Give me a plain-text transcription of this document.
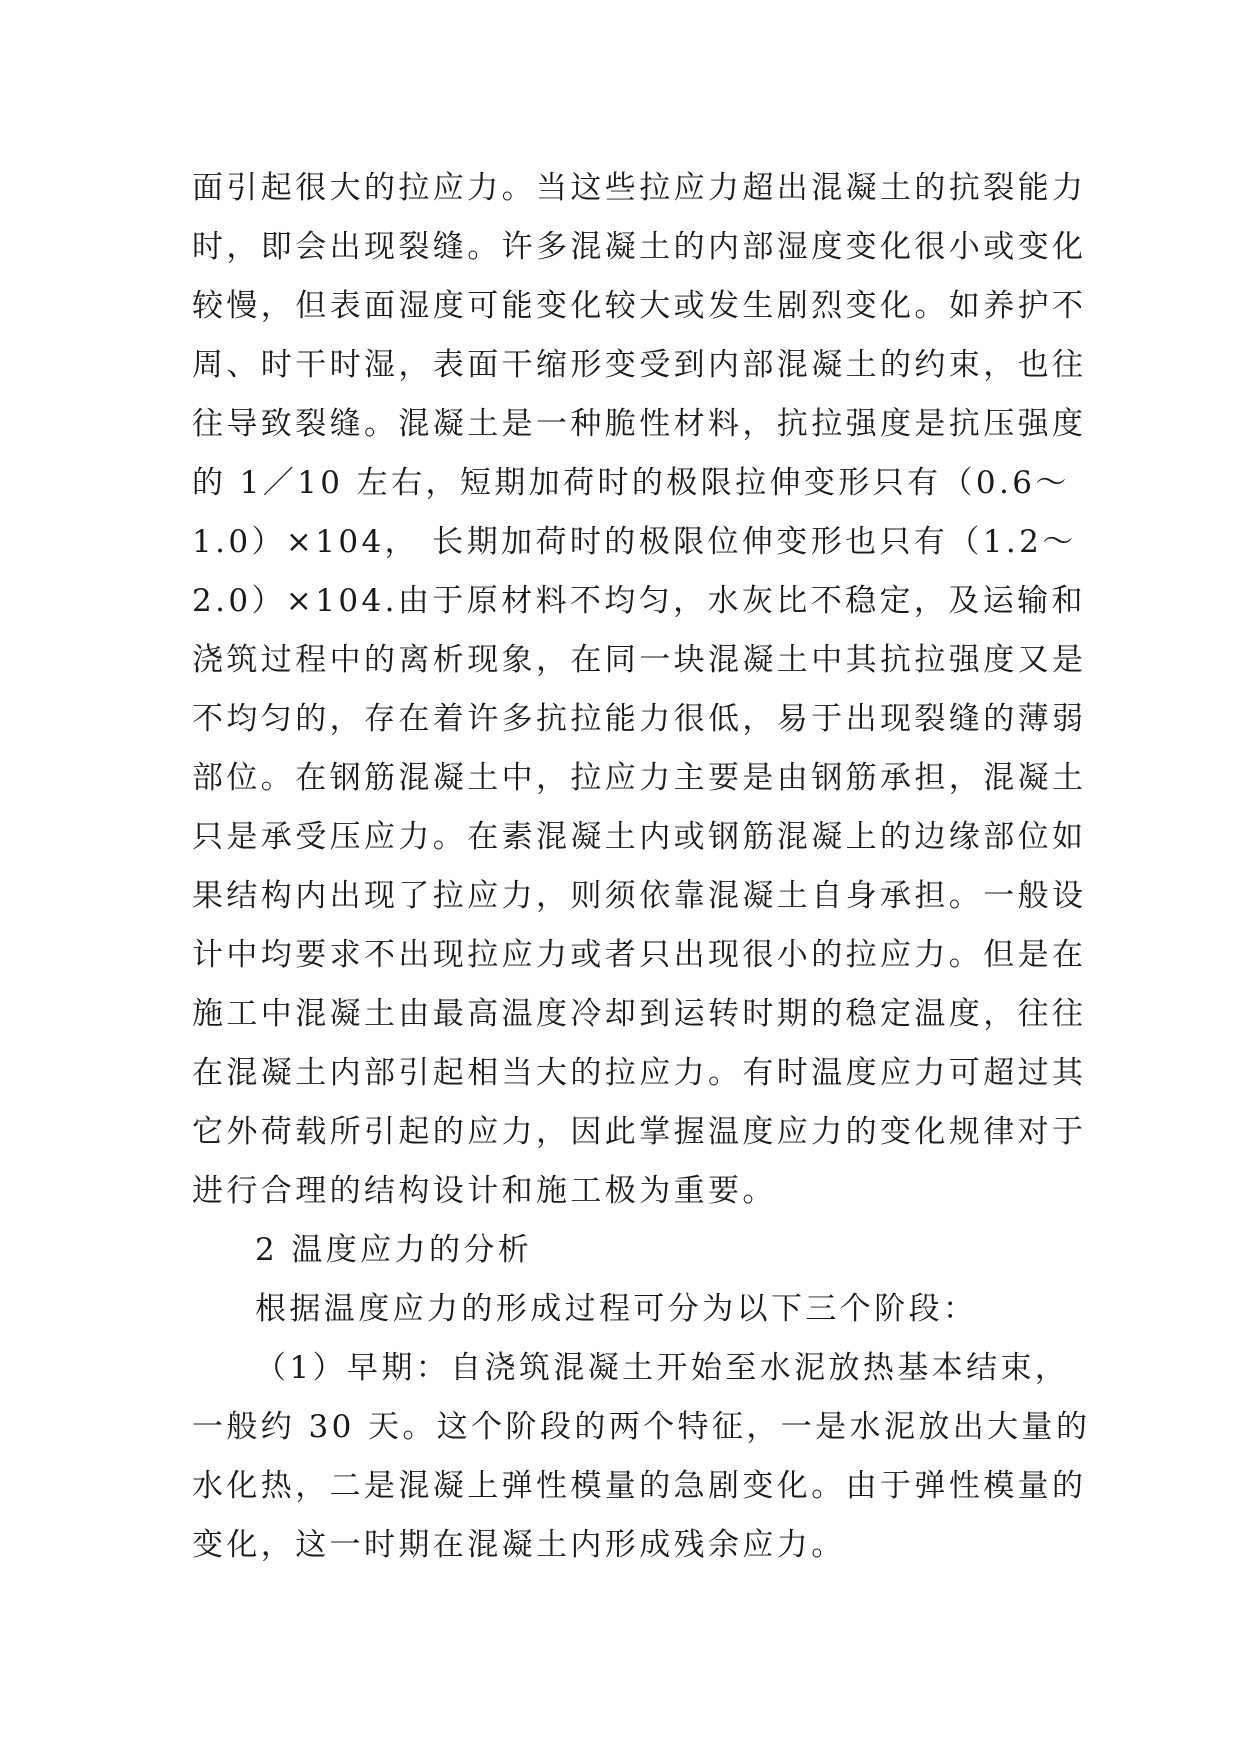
面引起很大的拉应力。当这些拉应力超出混凝土的抗裂能力
时，即会出现裂缝。许多混凝土的内部湿度变化很小或变化
较慢，但表面湿度可能变化较大或发生剧烈变化。如养护不
周、时干时湿，表面干缩形变受到内部混凝土的约束，也往
往导致裂缝。混凝土是一种脆性材料，抗拉强度是抗压强度
的 1／10 左右，短期加荷时的极限拉伸变形只有（0.6～
1.0）×104， 长期加荷时的极限位伸变形也只有（1.2～
2.0）×104.由于原材料不均匀，水灰比不稳定，及运输和
浇筑过程中的离析现象，在同一块混凝土中其抗拉强度又是
不均匀的，存在着许多抗拉能力很低，易于出现裂缝的薄弱
部位。在钢筋混凝土中，拉应力主要是由钢筋承担，混凝土
只是承受压应力。在素混凝土内或钢筋混凝上的边缘部位如
果结构内出现了拉应力，则须依靠混凝土自身承担。一般设
计中均要求不出现拉应力或者只出现很小的拉应力。但是在
施工中混凝土由最高温度冷却到运转时期的稳定温度，往往
在混凝土内部引起相当大的拉应力。有时温度应力可超过其
它外荷载所引起的应力，因此掌握温度应力的变化规律对于
进行合理的结构设计和施工极为重要。
2 温度应力的分析
根据温度应力的形成过程可分为以下三个阶段：
（1）早期：自浇筑混凝土开始至水泥放热基本结束，
一般约 30 天。这个阶段的两个特征，一是水泥放出大量的
水化热，二是混凝上弹性模量的急剧变化。由于弹性模量的
变化，这一时期在混凝土内形成残余应力。
